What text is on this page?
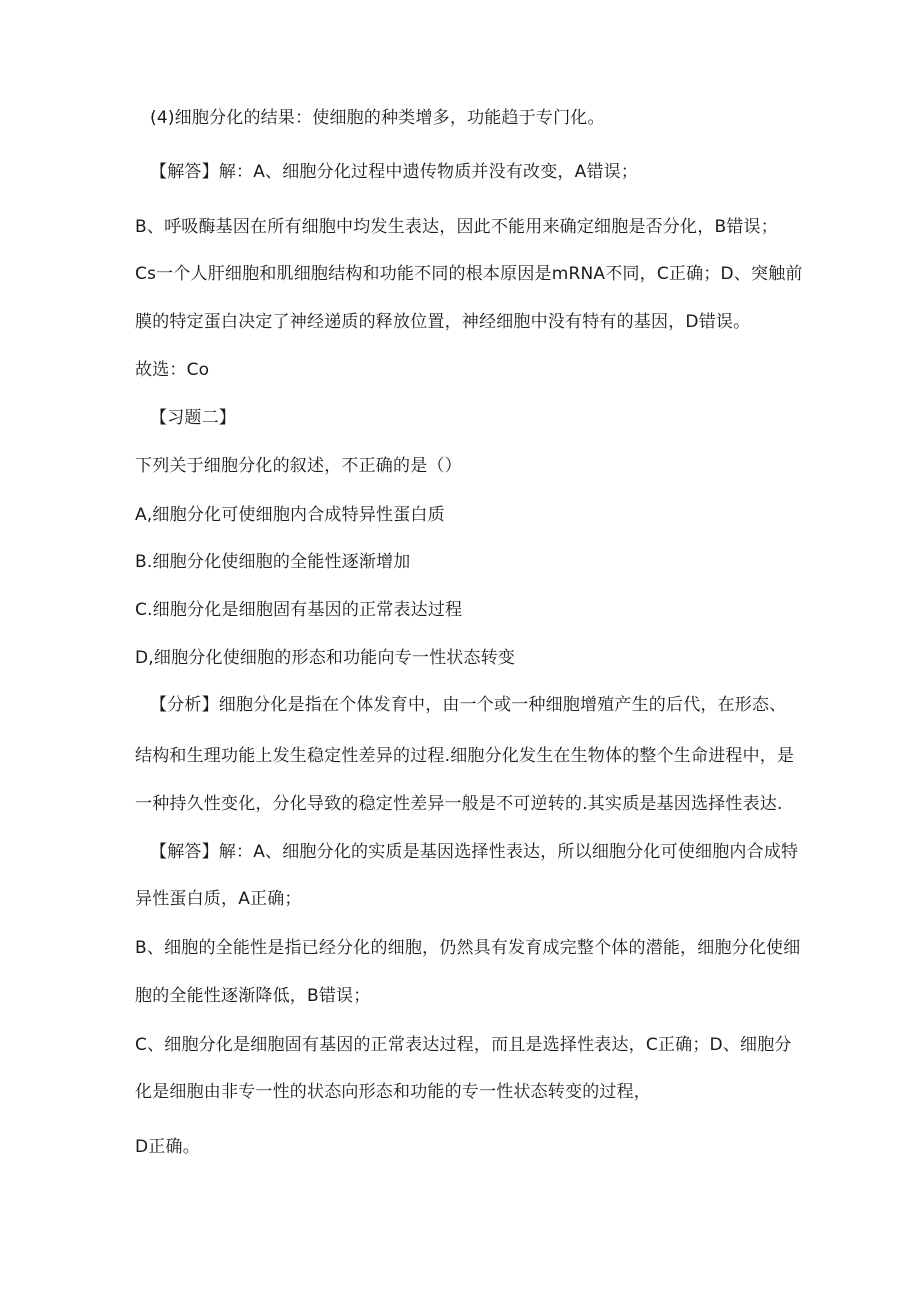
(4)细胞分化的结果：使细胞的种类增多，功能趋于专门化。
【解答】解：A、细胞分化过程中遗传物质并没有改变，A错误；
B、呼吸酶基因在所有细胞中均发生表达，因此不能用来确定细胞是否分化，B错误；
Cs一个人肝细胞和肌细胞结构和功能不同的根本原因是mRNA不同，C正确；D、突触前
膜的特定蛋白决定了神经递质的释放位置，神经细胞中没有特有的基因，D错误。
故选：Co
【习题二】
下列关于细胞分化的叙述，不正确的是（）
A,细胞分化可使细胞内合成特异性蛋白质
B.细胞分化使细胞的全能性逐渐增加
C.细胞分化是细胞固有基因的正常表达过程
D,细胞分化使细胞的形态和功能向专一性状态转变
【分析】细胞分化是指在个体发育中，由一个或一种细胞增殖产生的后代，在形态、
结构和生理功能上发生稳定性差异的过程.细胞分化发生在生物体的整个生命进程中，是
一种持久性变化，分化导致的稳定性差异一般是不可逆转的.其实质是基因选择性表达.
【解答】解：A、细胞分化的实质是基因选择性表达，所以细胞分化可使细胞内合成特
异性蛋白质，A正确；
B、细胞的全能性是指已经分化的细胞，仍然具有发育成完整个体的潜能，细胞分化使细
胞的全能性逐渐降低，B错误；
C、细胞分化是细胞固有基因的正常表达过程，而且是选择性表达，C正确；D、细胞分
化是细胞由非专一性的状态向形态和功能的专一性状态转变的过程，
D正确。
